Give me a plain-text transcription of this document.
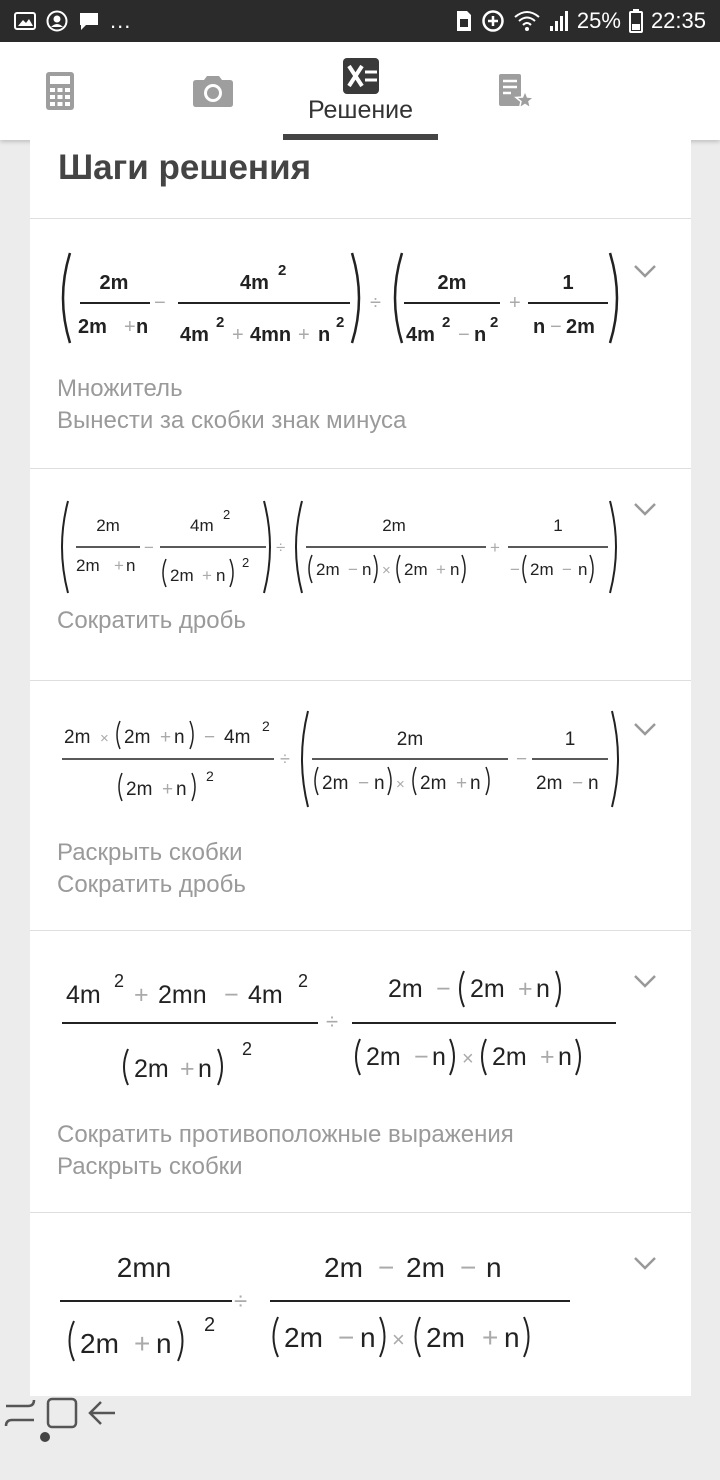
...	25% 22:35
Решение
Шаги решения
2m
2m + n
−
4m
2
4m
2
+ 4mn + n
2
÷
2m
4m
2
− n
2
+
1
n − 2m
Множитель
Вынести за скобки знак минуса
2m
2m + n
−
4m
2
2m + n
2
÷
2m
2m − n × 2m + n
+
1
− 2m − n
Сократить дробь
2m × 2m + n − 4m
2
2m + n
2
÷
2m
2m − n × 2m + n
−
1
2m − n
Раскрыть скобки
Сократить дробь
4m 2 + 2mn − 4m 2
2m + n
2
÷
2m − 2m + n
2m − n × 2m + n
Сократить противоположные выражения
Раскрыть скобки
2mn
2m + n
2
÷
2m − 2m − n
2m − n × 2m + n
